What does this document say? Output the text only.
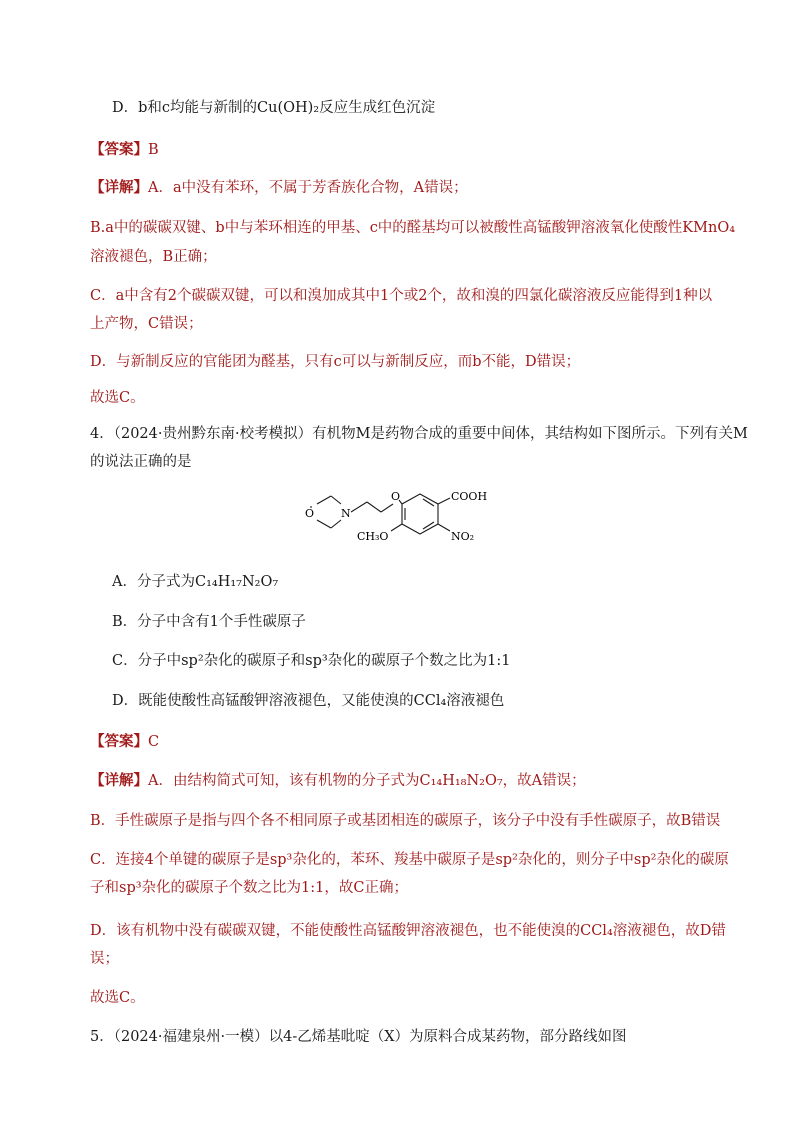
D．b和c均能与新制的Cu(OH)₂反应生成红色沉淀
【答案】B
【详解】A．a中没有苯环，不属于芳香族化合物，A错误；
B.a中的碳碳双键、b中与苯环相连的甲基、c中的醛基均可以被酸性高锰酸钾溶液氧化使酸性KMnO₄
溶液褪色，B正确；
C．a中含有2个碳碳双键，可以和溴加成其中1个或2个，故和溴的四氯化碳溶液反应能得到1种以
上产物，C错误；
D．与新制反应的官能团为醛基，只有c可以与新制反应，而b不能，D错误；
故选C。
4．（2024·贵州黔东南·校考模拟）有机物M是药物合成的重要中间体，其结构如下图所示。下列有关M
的说法正确的是
O N
O	COOH
NO₂
CH₃O
A．分子式为C₁₄H₁₇N₂O₇
B．分子中含有1个手性碳原子
C．分子中sp²杂化的碳原子和sp³杂化的碳原子个数之比为1:1
D．既能使酸性高锰酸钾溶液褪色，又能使溴的CCl₄溶液褪色
【答案】C
【详解】A．由结构简式可知，该有机物的分子式为C₁₄H₁₈N₂O₇，故A错误；
B．手性碳原子是指与四个各不相同原子或基团相连的碳原子，该分子中没有手性碳原子，故B错误
C．连接4个单键的碳原子是sp³杂化的，苯环、羧基中碳原子是sp²杂化的，则分子中sp²杂化的碳原
子和sp³杂化的碳原子个数之比为1:1，故C正确；
D．该有机物中没有碳碳双键，不能使酸性高锰酸钾溶液褪色，也不能使溴的CCl₄溶液褪色，故D错
误；
故选C。
5．（2024·福建泉州·一模）以4-乙烯基吡啶（X）为原料合成某药物，部分路线如图
